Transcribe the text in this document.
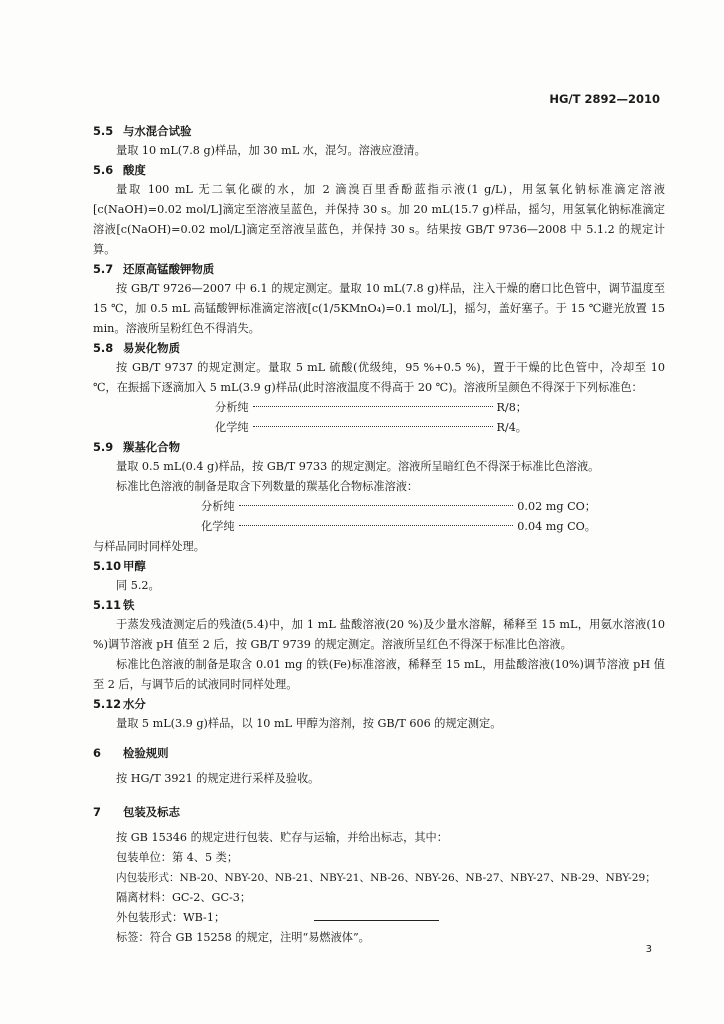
HG/T 2892—2010
5.5 与水混合试验

量取 10 mL(7.8 g)样品，加 30 mL 水，混匀。溶液应澄清。

5.6 酸度

量取 100 mL 无二氧化碳的水，加 2 滴溴百里香酚蓝指示液(1 g/L)，用氢氧化钠标准滴定溶液[c(NaOH)=0.02 mol/L]滴定至溶液呈蓝色，并保持 30 s。加 20 mL(15.7 g)样品，摇匀，用氢氧化钠标准滴定溶液[c(NaOH)=0.02 mol/L]滴定至溶液呈蓝色，并保持 30 s。结果按 GB/T 9736—2008 中 5.1.2 的规定计算。

5.7 还原高锰酸钾物质

按 GB/T 9726—2007 中 6.1 的规定测定。量取 10 mL(7.8 g)样品，注入干燥的磨口比色管中，调节温度至 15 ℃，加 0.5 mL 高锰酸钾标准滴定溶液[c(1/5KMnO₄)=0.1 mol/L]，摇匀，盖好塞子。于 15 ℃避光放置 15 min。溶液所呈粉红色不得消失。

5.8 易炭化物质

按 GB/T 9737 的规定测定。量取 5 mL 硫酸(优级纯，95 %+0.5 %)，置于干燥的比色管中，冷却至 10 ℃，在振摇下逐滴加入 5 mL(3.9 g)样品(此时溶液温度不得高于 20 ℃)。溶液所呈颜色不得深于下列标准色：

分析纯	R/8；
化学纯	R/4。
5.9 羰基化合物

量取 0.5 mL(0.4 g)样品，按 GB/T 9733 的规定测定。溶液所呈暗红色不得深于标准比色溶液。

标准比色溶液的制备是取含下列数量的羰基化合物标准溶液：

分析纯	0.02 mg CO；
化学纯	0.04 mg CO。

与样品同时同样处理。

5.10 甲醇

同 5.2。

5.11 铁

于蒸发残渣测定后的残渣(5.4)中，加 1 mL 盐酸溶液(20 %)及少量水溶解，稀释至 15 mL，用氨水溶液(10 %)调节溶液 pH 值至 2 后，按 GB/T 9739 的规定测定。溶液所呈红色不得深于标准比色溶液。

标准比色溶液的制备是取含 0.01 mg 的铁(Fe)标准溶液，稀释至 15 mL，用盐酸溶液(10%)调节溶液 pH 值至 2 后，与调节后的试液同时同样处理。

5.12 水分

量取 5 mL(3.9 g)样品，以 10 mL 甲醇为溶剂，按 GB/T 606 的规定测定。

6 检验规则

按 HG/T 3921 的规定进行采样及验收。

7 包装及标志

按 GB 15346 的规定进行包装、贮存与运输，并给出标志，其中：

包装单位：第 4、5 类；
内包装形式：NB-20、NBY-20、NB-21、NBY-21、NB-26、NBY-26、NB-27、NBY-27、NB-29、NBY-29；
隔离材料：GC-2、GC-3；
外包装形式：WB-1；
标签：符合 GB 15258 的规定，注明“易燃液体”。
3
